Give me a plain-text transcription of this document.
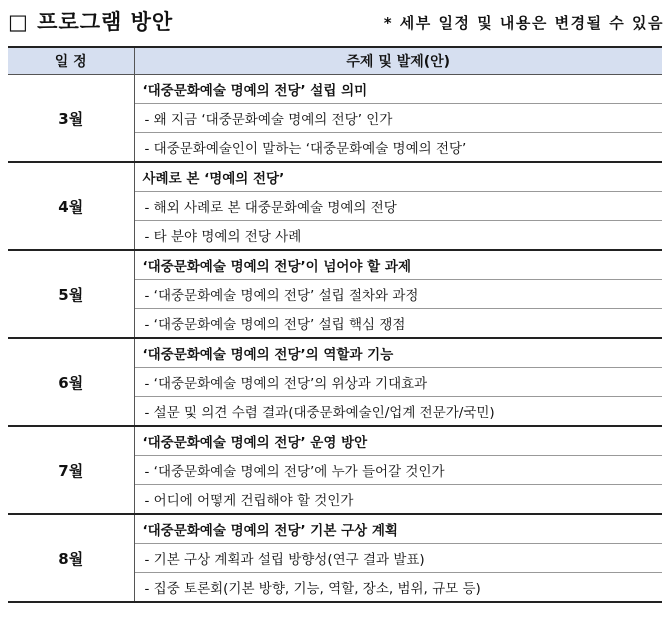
□ 프로그램 방안	* 세부 일정 및 내용은 변경될 수 있음
일 정	주제 및 발제(안)
3월	‘대중문화예술 명예의 전당’ 설립 의미
	- 왜 지금 ‘대중문화예술 명예의 전당’ 인가
	- 대중문화예술인이 말하는 ‘대중문화예술 명예의 전당’
4월	사례로 본 ‘명예의 전당’
	- 해외 사례로 본 대중문화예술 명예의 전당
	- 타 분야 명예의 전당 사례
5월	‘대중문화예술 명예의 전당’이 넘어야 할 과제
	- ‘대중문화예술 명예의 전당’ 설립 절차와 과정
	- ‘대중문화예술 명예의 전당’ 설립 핵심 쟁점
6월	‘대중문화예술 명예의 전당’의 역할과 기능
	- ‘대중문화예술 명예의 전당’의 위상과 기대효과
	- 설문 및 의견 수렴 결과(대중문화예술인/업계 전문가/국민)
7월	‘대중문화예술 명예의 전당’ 운영 방안
	- ‘대중문화예술 명예의 전당’에 누가 들어갈 것인가
	- 어디에 어떻게 건립해야 할 것인가
8월	‘대중문화예술 명예의 전당’ 기본 구상 계획
	- 기본 구상 계획과 설립 방향성(연구 결과 발표)
	- 집중 토론회(기본 방향, 기능, 역할, 장소, 범위, 규모 등)
